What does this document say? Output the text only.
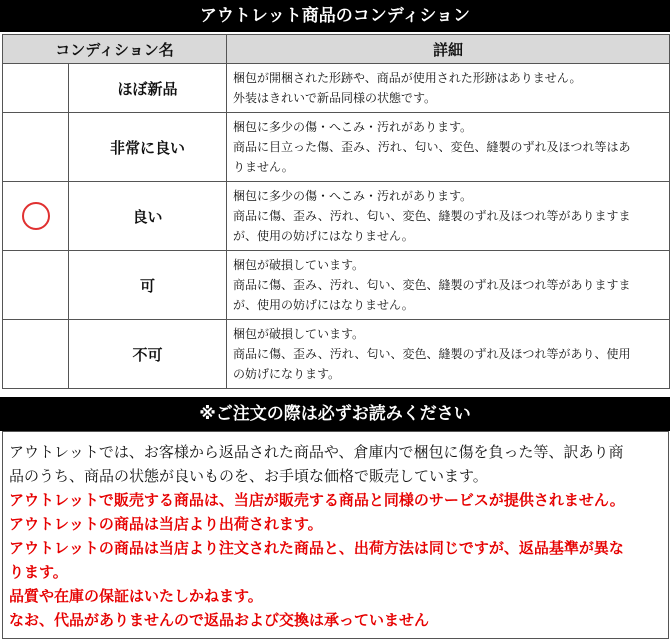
アウトレット商品のコンディション
コンディション名		詳細
	ほぼ新品	梱包が開梱された形跡や、商品が使用された形跡はありません。
外装はきれいで新品同様の状態です。

	非常に良い	梱包に多少の傷・へこみ・汚れがあります。
商品に目立った傷、歪み、汚れ、匂い、変色、縫製のずれ及ほつれ等はあ
りません。

	良い	梱包に多少の傷・へこみ・汚れがあります。
商品に傷、歪み、汚れ、匂い、変色、縫製のずれ及ほつれ等がありますま
が、使用の妨げにはなりません。

	可	梱包が破損しています。
商品に傷、歪み、汚れ、匂い、変色、縫製のずれ及ほつれ等がありますま
が、使用の妨げにはなりません。

	不可	梱包が破損しています。
商品に傷、歪み、汚れ、匂い、変色、縫製のずれ及ほつれ等があり、使用
の妨げになります。
※ご注文の際は必ずお読みください

アウトレットでは、お客様から返品された商品や、倉庫内で梱包に傷を負った等、訳あり商

品のうち、商品の状態が良いものを、お手頃な価格で販売しています。

アウトレットで販売する商品は、当店が販売する商品と同様のサービスが提供されません。

アウトレットの商品は当店より出荷されます。

アウトレットの商品は当店より注文された商品と、出荷方法は同じですが、返品基準が異な

ります。

品質や在庫の保証はいたしかねます。

なお、代品がありませんので返品および交換は承っていません
